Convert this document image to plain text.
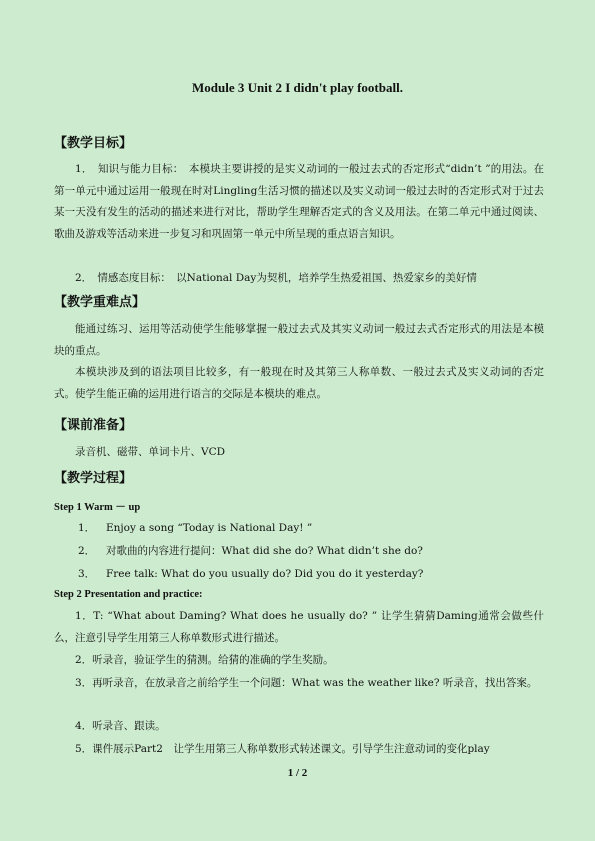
Module 3 Unit 2 I didn't play football.
【教学目标】
1．　知识与能力目标：　本模块主要讲授的是实义动词的一般过去式的否定形式“didn’t ”的用法。在第一单元中通过运用一般现在时对Lingling生活习惯的描述以及实义动词一般过去时的否定形式对于过去某一天没有发生的活动的描述来进行对比，帮助学生理解否定式的含义及用法。在第二单元中通过阅读、歌曲及游戏等活动来进一步复习和巩固第一单元中所呈现的重点语言知识。
2．　情感态度目标：　以National Day为契机，培养学生热爱祖国、热爱家乡的美好情
【教学重难点】
能通过练习、运用等活动使学生能够掌握一般过去式及其实义动词一般过去式否定形式的用法是本模块的重点。
本模块涉及到的语法项目比较多，有一般现在时及其第三人称单数、一般过去式及实义动词的否定式。使学生能正确的运用进行语言的交际是本模块的难点。
【课前准备】
录音机、磁带、单词卡片、VCD
【教学过程】
Step 1 Warm － up
1． Enjoy a song “Today is National Day! ”
2． 对歌曲的内容进行提问：What did she do? What didn’t she do?
3． Free talk: What do you usually do? Did you do it yesterday?
Step 2 Presentation and practice:
1．T: “What about Daming? What does he usually do? ” 让学生猜猜Daming通常会做些什么，注意引导学生用第三人称单数形式进行描述。
2．听录音，验证学生的猜测。给猜的准确的学生奖励。
3．再听录音，在放录音之前给学生一个问题：What was the weather like? 听录音，找出答案。
4．听录音、跟读。
5．课件展示Part2　让学生用第三人称单数形式转述课文。引导学生注意动词的变化play
1 / 2
